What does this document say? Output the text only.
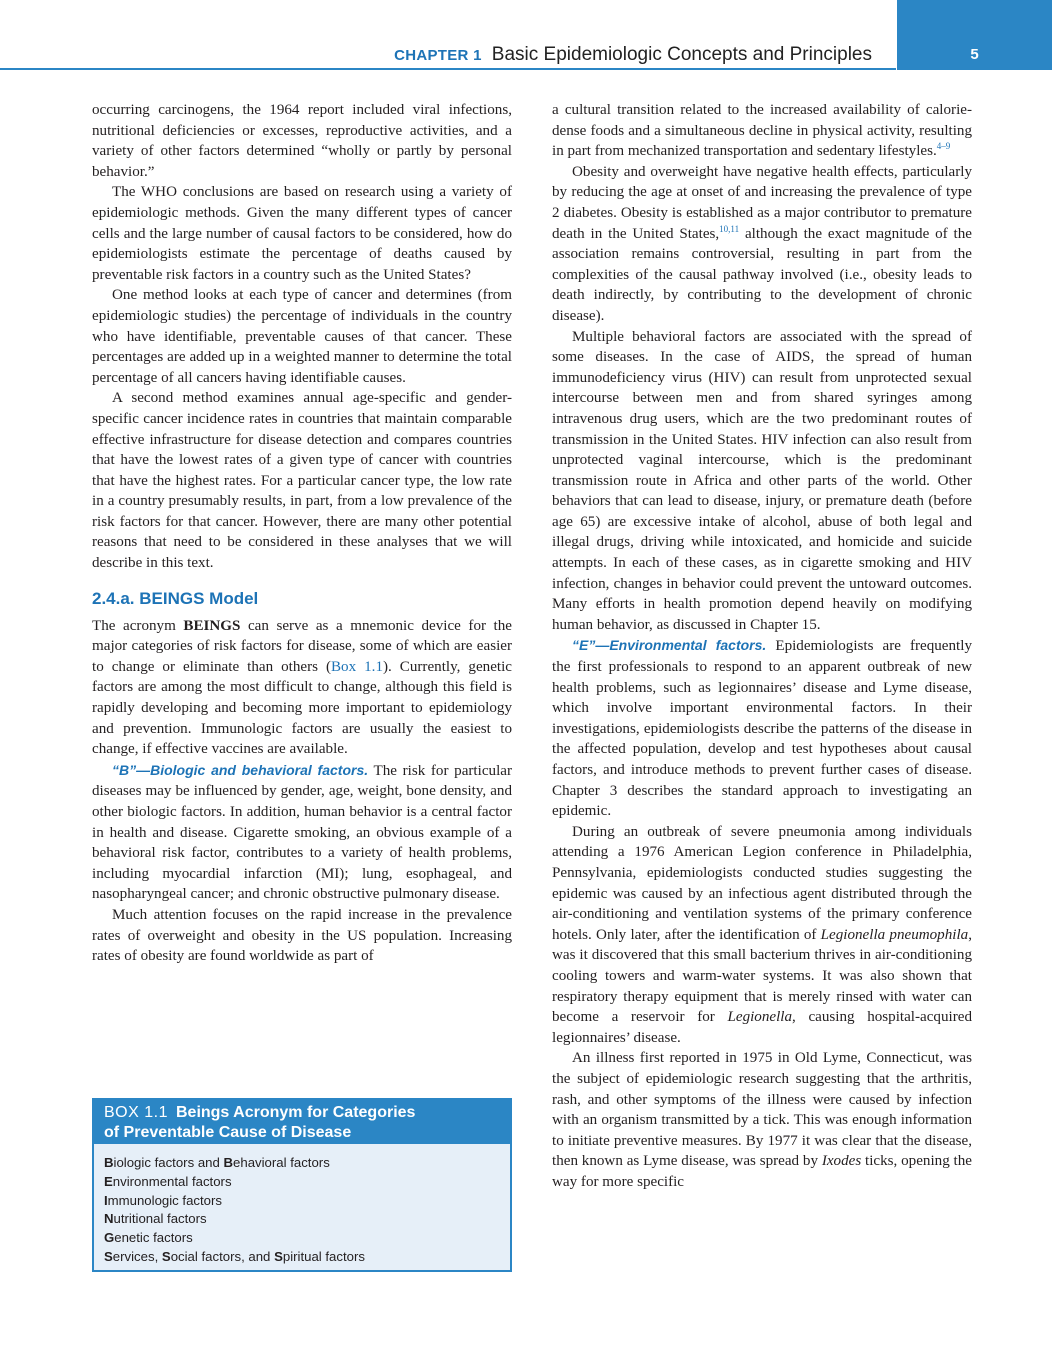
CHAPTER 1 Basic Epidemiologic Concepts and Principles	5

occurring carcinogens, the 1964 report included viral infections, nutritional deficiencies or excesses, reproductive activities, and a variety of other factors determined “wholly or partly by personal behavior.”

The WHO conclusions are based on research using a variety of epidemiologic methods. Given the many different types of cancer cells and the large number of causal factors to be considered, how do epidemiologists estimate the percentage of deaths caused by preventable risk factors in a country such as the United States?

One method looks at each type of cancer and determines (from epidemiologic studies) the percentage of individuals in the country who have identifiable, preventable causes of that cancer. These percentages are added up in a weighted manner to determine the total percentage of all cancers having identifiable causes.

A second method examines annual age-specific and gender-specific cancer incidence rates in countries that maintain comparable effective infrastructure for disease detection and compares countries that have the lowest rates of a given type of cancer with countries that have the highest rates. For a particular cancer type, the low rate in a country presumably results, in part, from a low prevalence of the risk factors for that cancer. However, there are many other potential reasons that need to be considered in these analyses that we will describe in this text.

2.4.a. BEINGS Model

The acronym BEINGS can serve as a mnemonic device for the major categories of risk factors for disease, some of which are easier to change or eliminate than others (Box 1.1). Currently, genetic factors are among the most difficult to change, although this field is rapidly developing and becoming more important to epidemiology and prevention. Immunologic factors are usually the easiest to change, if effective vaccines are available.

“B”—Biologic and behavioral factors. The risk for particular diseases may be influenced by gender, age, weight, bone density, and other biologic factors. In addition, human behavior is a central factor in health and disease. Cigarette smoking, an obvious example of a behavioral risk factor, contributes to a variety of health problems, including myocardial infarction (MI); lung, esophageal, and nasopharyngeal cancer; and chronic obstructive pulmonary disease.

Much attention focuses on the rapid increase in the prevalence rates of overweight and obesity in the US population. Increasing rates of obesity are found worldwide as part of

BOX 1.1 Beings Acronym for Categories
of Preventable Cause of Disease
Biologic factors and Behavioral factors
Environmental factors
Immunologic factors
Nutritional factors
Genetic factors
Services, Social factors, and Spiritual factors

a cultural transition related to the increased availability of calorie-dense foods and a simultaneous decline in physical activity, resulting in part from mechanized transportation and sedentary lifestyles.$^{4-9}$

Obesity and overweight have negative health effects, particularly by reducing the age at onset of and increasing the prevalence of type 2 diabetes. Obesity is established as a major contributor to premature death in the United States,$^{10,11}$ although the exact magnitude of the association remains controversial, resulting in part from the complexities of the causal pathway involved (i.e., obesity leads to death indirectly, by contributing to the development of chronic disease).

Multiple behavioral factors are associated with the spread of some diseases. In the case of AIDS, the spread of human immunodeficiency virus (HIV) can result from unprotected sexual intercourse between men and from shared syringes among intravenous drug users, which are the two predominant routes of transmission in the United States. HIV infection can also result from unprotected vaginal intercourse, which is the predominant transmission route in Africa and other parts of the world. Other behaviors that can lead to disease, injury, or premature death (before age 65) are excessive intake of alcohol, abuse of both legal and illegal drugs, driving while intoxicated, and homicide and suicide attempts. In each of these cases, as in cigarette smoking and HIV infection, changes in behavior could prevent the untoward outcomes. Many efforts in health promotion depend heavily on modifying human behavior, as discussed in Chapter 15.

“E”—Environmental factors. Epidemiologists are frequently the first professionals to respond to an apparent outbreak of new health problems, such as legionnaires’ disease and Lyme disease, which involve important environmental factors. In their investigations, epidemiologists describe the patterns of the disease in the affected population, develop and test hypotheses about causal factors, and introduce methods to prevent further cases of disease. Chapter 3 describes the standard approach to investigating an epidemic.

During an outbreak of severe pneumonia among individuals attending a 1976 American Legion conference in Philadelphia, Pennsylvania, epidemiologists conducted studies suggesting the epidemic was caused by an infectious agent distributed through the air-conditioning and ventilation systems of the primary conference hotels. Only later, after the identification of Legionella pneumophila, was it discovered that this small bacterium thrives in air-conditioning cooling towers and warm-water systems. It was also shown that respiratory therapy equipment that is merely rinsed with water can become a reservoir for Legionella, causing hospital-acquired legionnaires’ disease.

An illness first reported in 1975 in Old Lyme, Connecticut, was the subject of epidemiologic research suggesting that the arthritis, rash, and other symptoms of the illness were caused by infection with an organism transmitted by a tick. This was enough information to initiate preventive measures. By 1977 it was clear that the disease, then known as Lyme disease, was spread by Ixodes ticks, opening the way for more specific
